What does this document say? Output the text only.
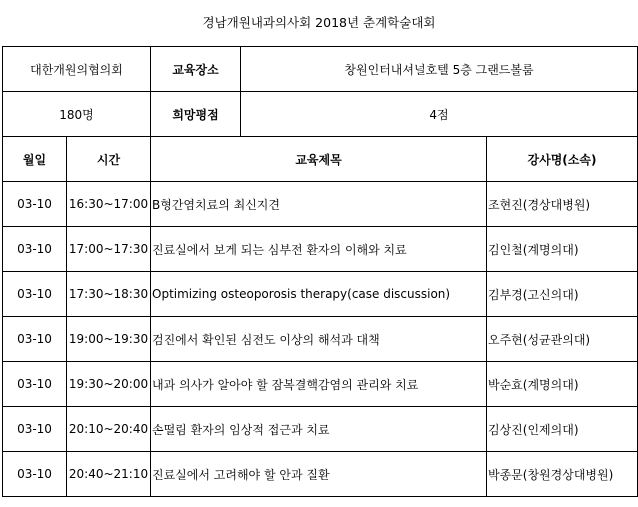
경남개원내과의사회 2018년 춘계학술대회
대한개원의협의회		교육장소	창원인터내셔널호텔 5층 그랜드볼룸	
180명		희망평점	4점	
월일	시간	교육제목		강사명(소속)
03-10	16:30~17:00	B형간염치료의 최신지견		조현진(경상대병원)
03-10	17:00~17:30	진료실에서 보게 되는 심부전 환자의 이해와 치료		김인철(계명의대)
03-10	17:30~18:30	Optimizing osteoporosis therapy(case discussion)		김부경(고신의대)
03-10	19:00~19:30	검진에서 확인된 심전도 이상의 해석과 대책		오주현(성균관의대)
03-10	19:30~20:00	내과 의사가 알아야 할 잠복결핵감염의 관리와 치료		박순효(계명의대)
03-10	20:10~20:40	손떨림 환자의 임상적 접근과 치료		김상진(인제의대)
03-10	20:40~21:10	진료실에서 고려해야 할 안과 질환		박종문(창원경상대병원)
